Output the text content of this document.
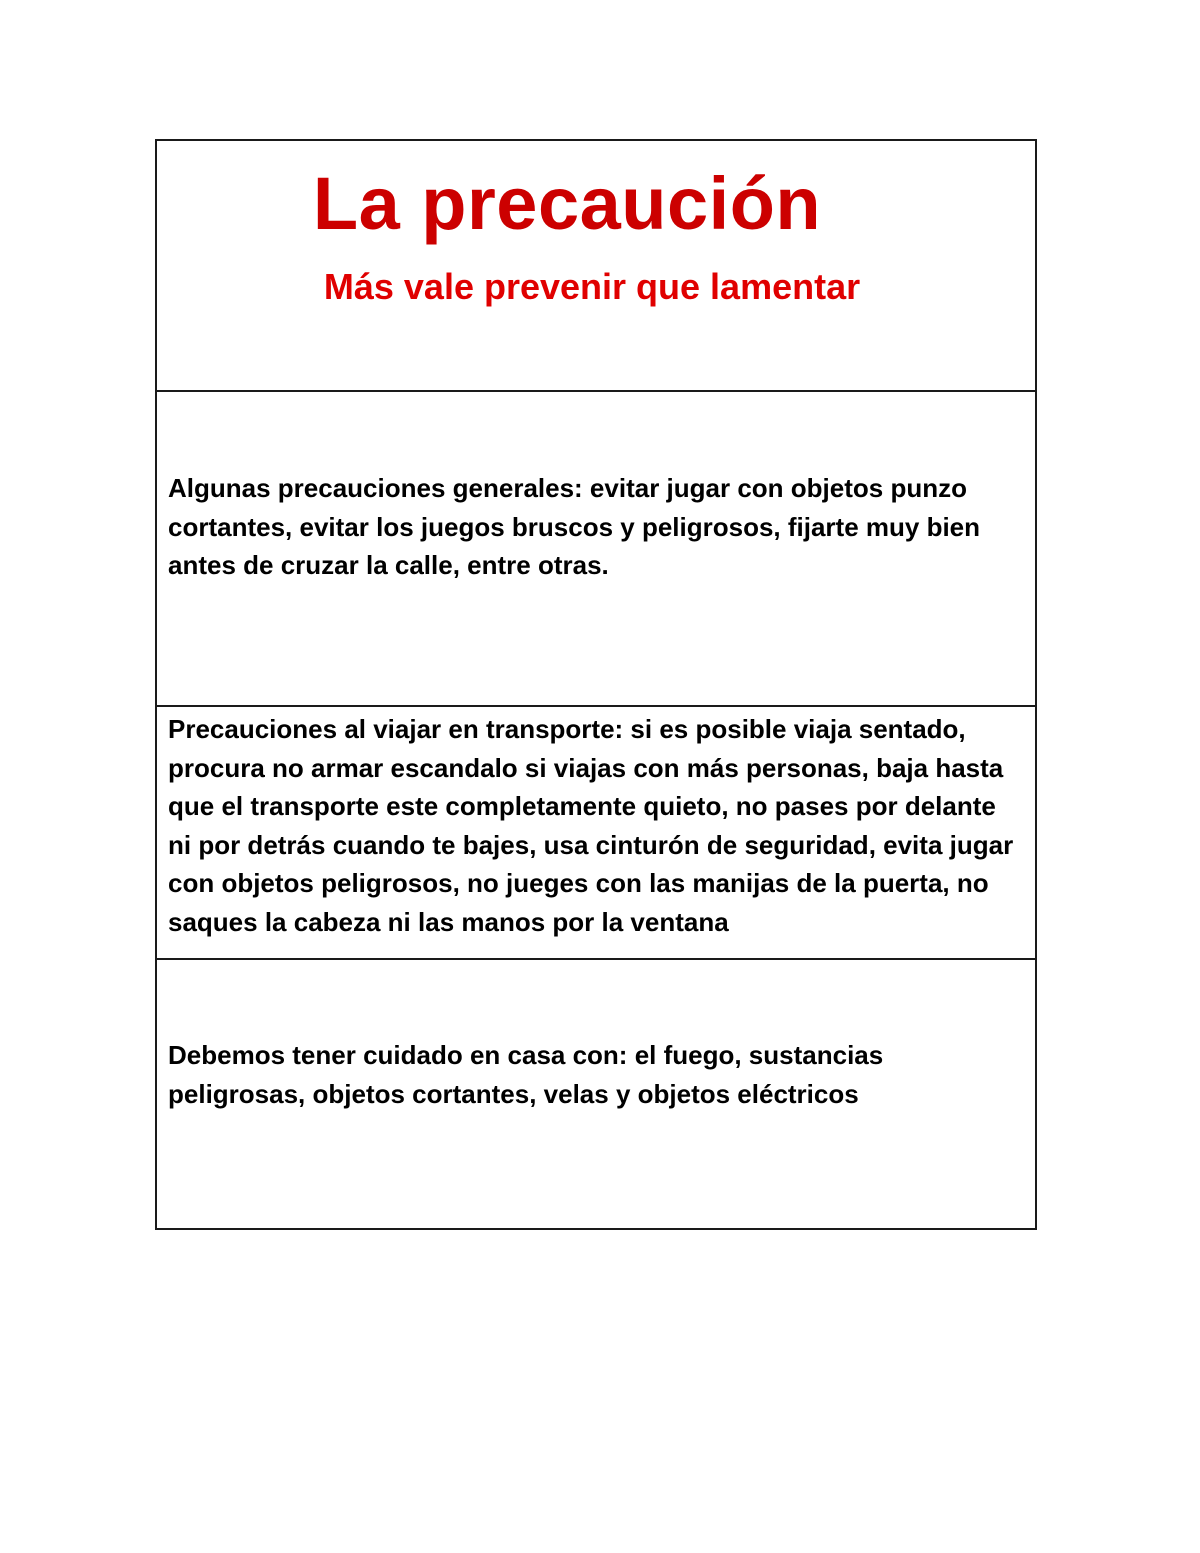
La precaución

Más vale prevenir que lamentar

Algunas precauciones generales: evitar jugar con objetos punzo cortantes, evitar los juegos bruscos y peligrosos, fijarte muy bien antes de cruzar la calle, entre otras.

Precauciones al viajar en transporte: si es posible viaja sentado, procura no armar escandalo si viajas con más personas, baja hasta que el transporte este completamente quieto, no pases por delante ni por detrás cuando te bajes, usa cinturón de seguridad, evita jugar con objetos peligrosos, no jueges con las manijas de la puerta, no saques la cabeza ni las manos por la ventana

Debemos tener cuidado en casa con: el fuego, sustancias peligrosas, objetos cortantes, velas y objetos eléctricos
